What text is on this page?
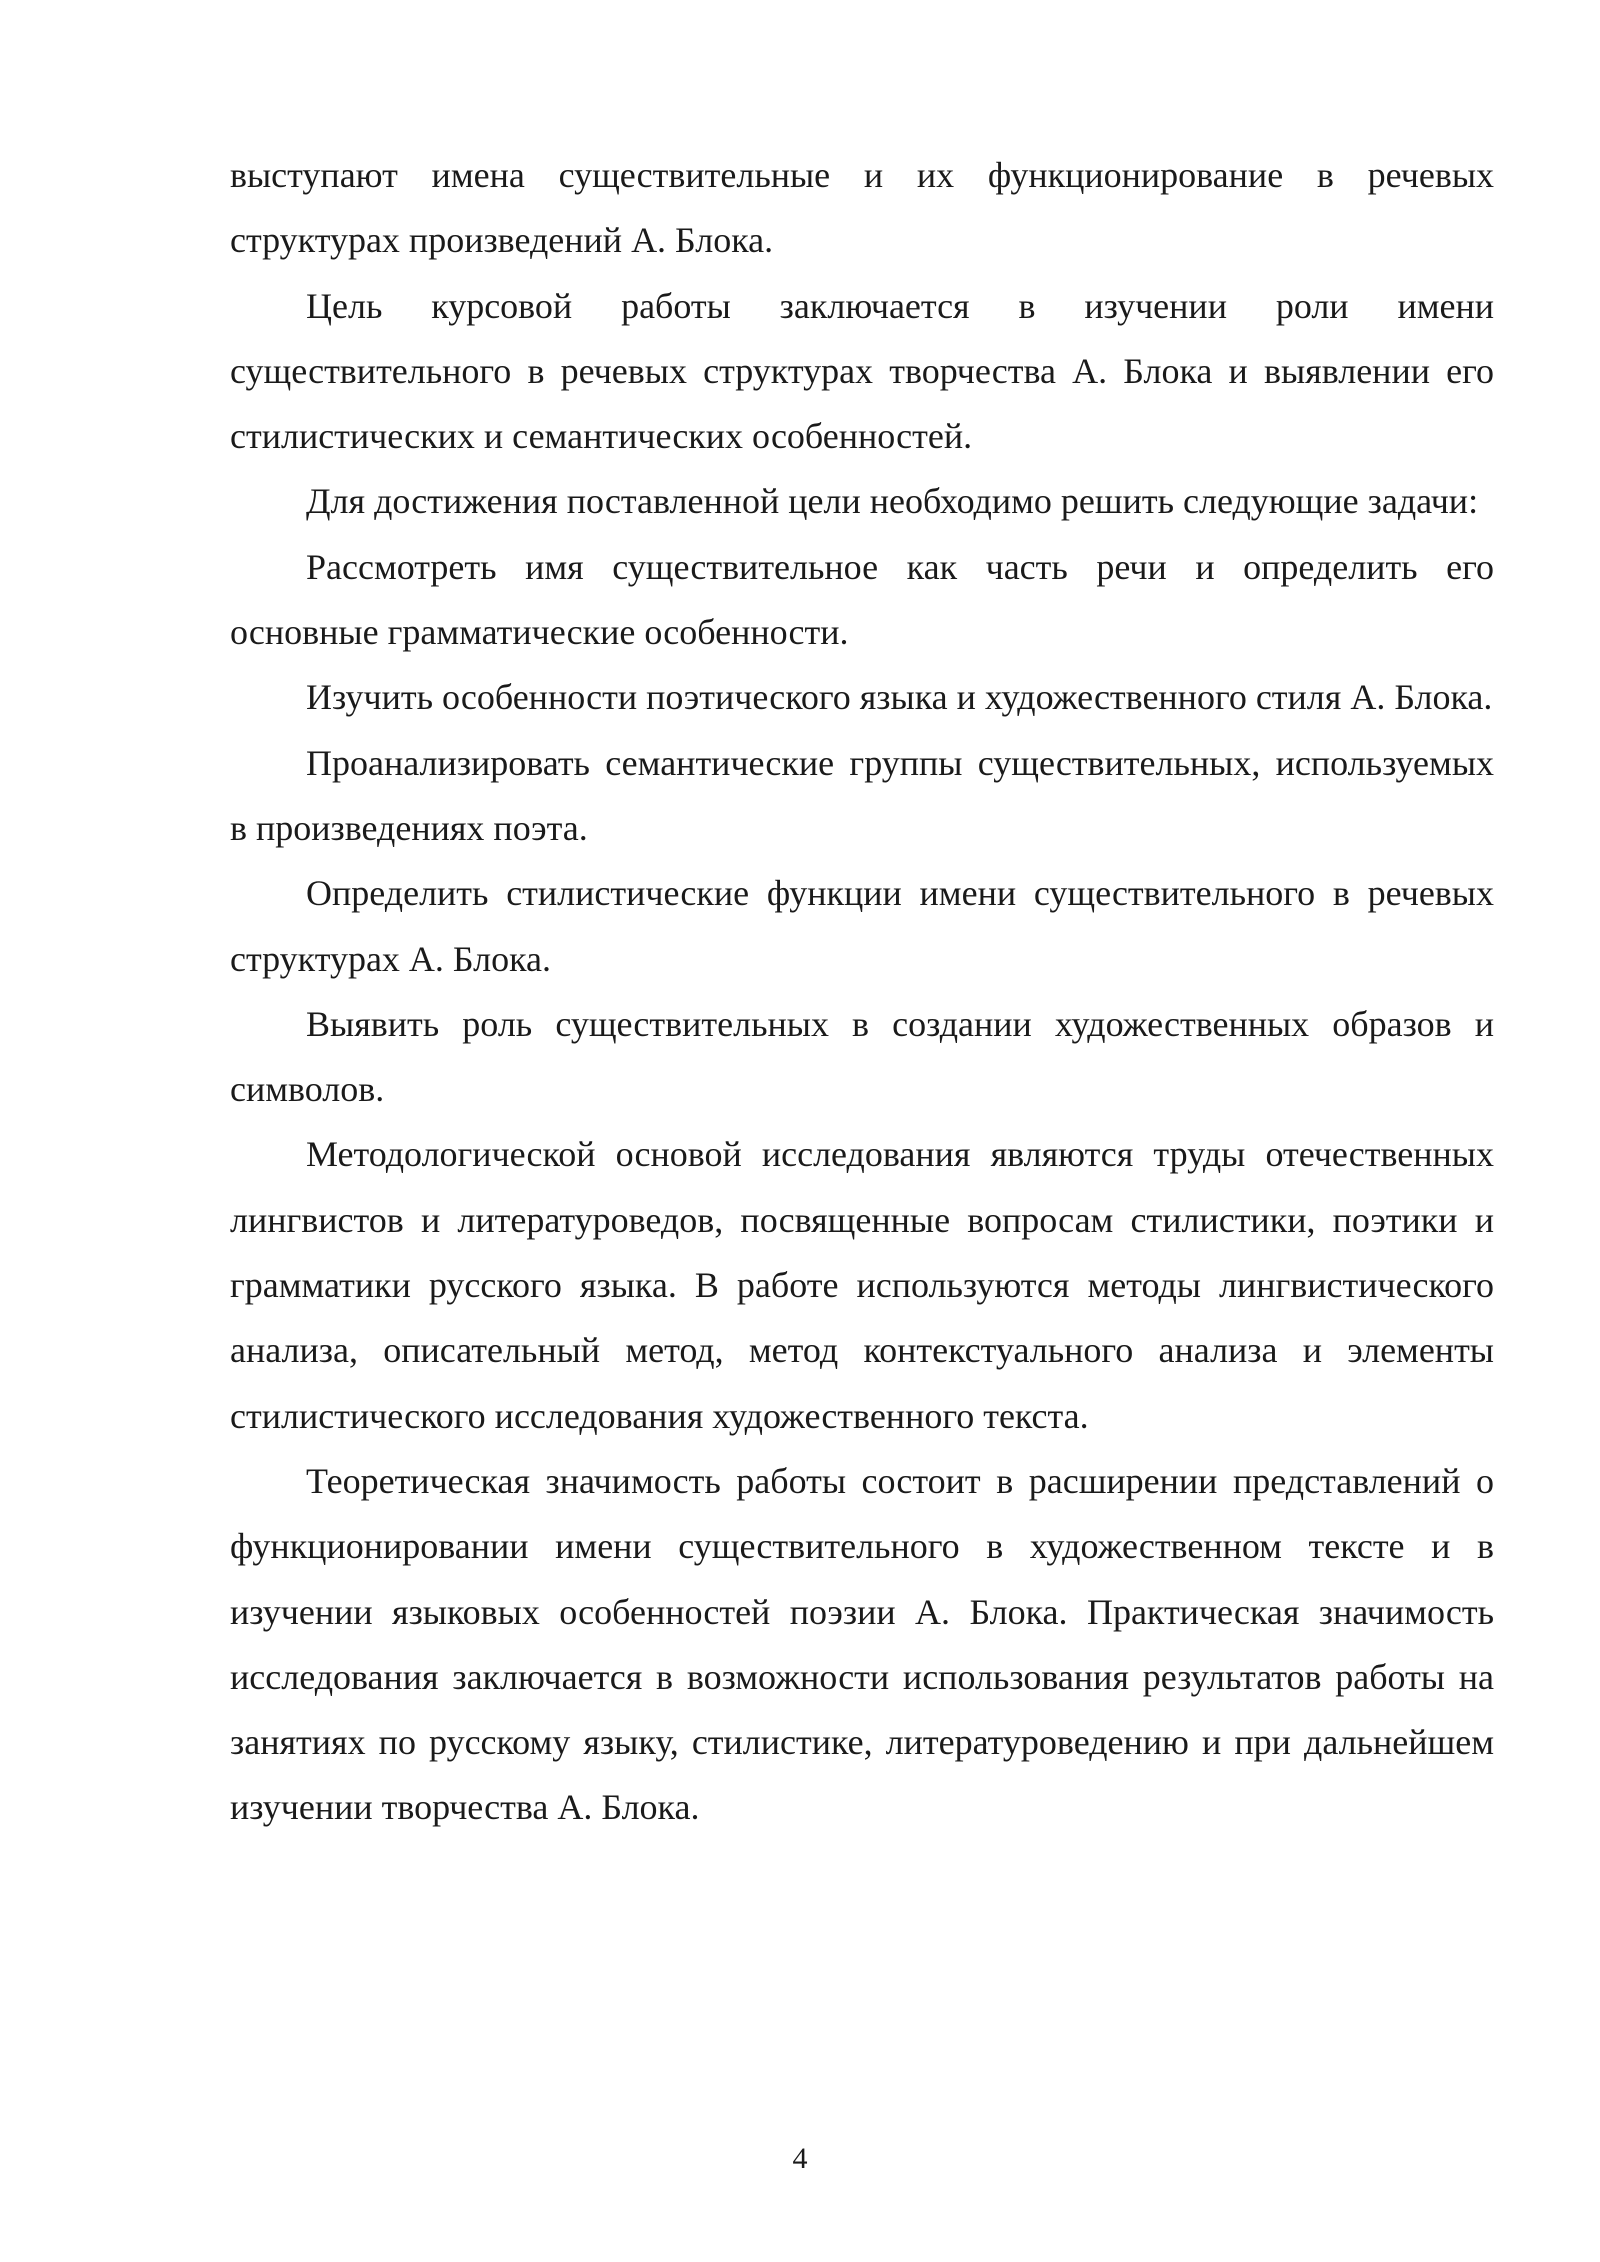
выступают имена существительные и их функционирование в речевых структурах произведений А. Блока.

Цель курсовой работы заключается в изучении роли имени существительного в речевых структурах творчества А. Блока и выявлении его стилистических и семантических особенностей.

Для достижения поставленной цели необходимо решить следующие задачи:

Рассмотреть имя существительное как часть речи и определить его основные грамматические особенности.

Изучить особенности поэтического языка и художественного стиля А. Блока.

Проанализировать семантические группы существительных, используемых в произведениях поэта.

Определить стилистические функции имени существительного в речевых структурах А. Блока.

Выявить роль существительных в создании художественных образов и символов.

Методологической основой исследования являются труды отечественных лингвистов и литературоведов, посвященные вопросам стилистики, поэтики и грамматики русского языка. В работе используются методы лингвистического анализа, описательный метод, метод контекстуального анализа и элементы стилистического исследования художественного текста.

Теоретическая значимость работы состоит в расширении представлений о функционировании имени существительного в художественном тексте и в изучении языковых особенностей поэзии А. Блока. Практическая значимость исследования заключается в возможности использования результатов работы на занятиях по русскому языку, стилистике, литературоведению и при дальнейшем изучении творчества А. Блока.

4
